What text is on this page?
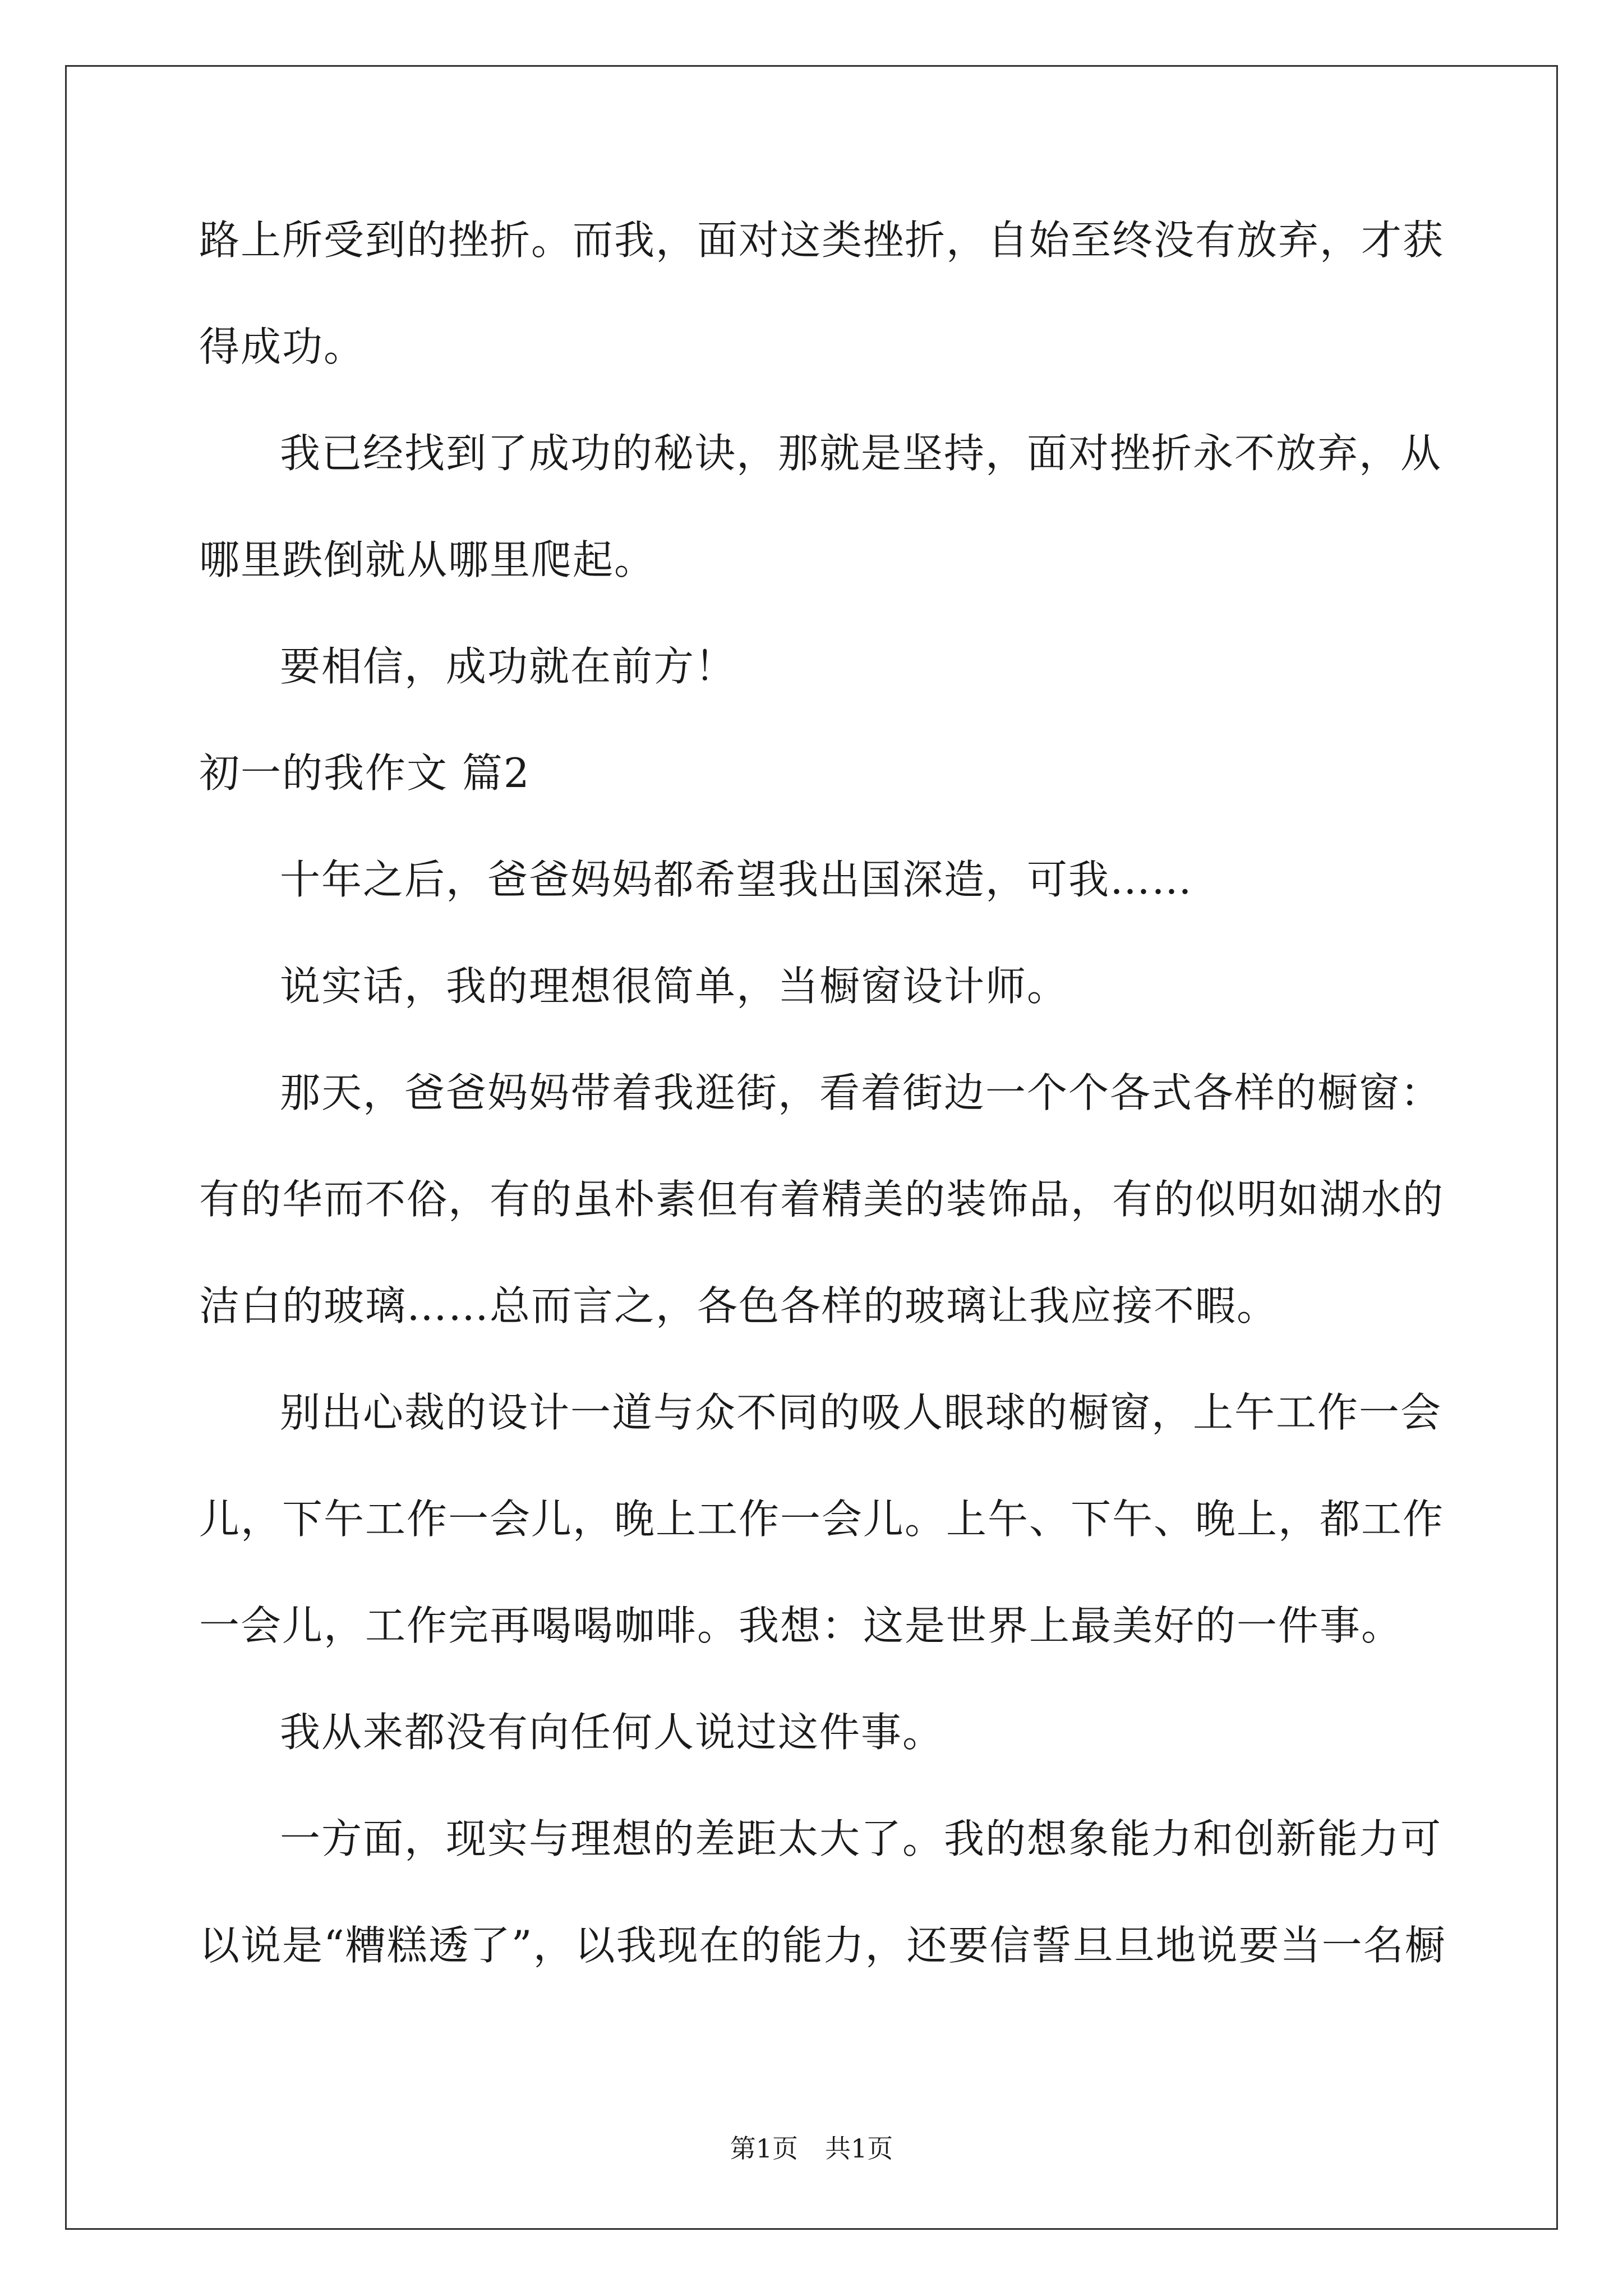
路上所受到的挫折。而我，面对这类挫折，自始至终没有放弃，才获
得成功。
我已经找到了成功的秘诀，那就是坚持，面对挫折永不放弃，从
哪里跌倒就从哪里爬起。
要相信，成功就在前方！
初一的我作文 篇2
十年之后，爸爸妈妈都希望我出国深造，可我……
说实话，我的理想很简单，当橱窗设计师。
那天，爸爸妈妈带着我逛街，看着街边一个个各式各样的橱窗：
有的华而不俗，有的虽朴素但有着精美的装饰品，有的似明如湖水的
洁白的玻璃……总而言之，各色各样的玻璃让我应接不暇。
别出心裁的设计一道与众不同的吸人眼球的橱窗，上午工作一会
儿，下午工作一会儿，晚上工作一会儿。上午、下午、晚上，都工作
一会儿，工作完再喝喝咖啡。我想：这是世界上最美好的一件事。
我从来都没有向任何人说过这件事。
一方面，现实与理想的差距太大了。我的想象能力和创新能力可
以说是“糟糕透了”，以我现在的能力，还要信誓旦旦地说要当一名橱
第1页 共1页
